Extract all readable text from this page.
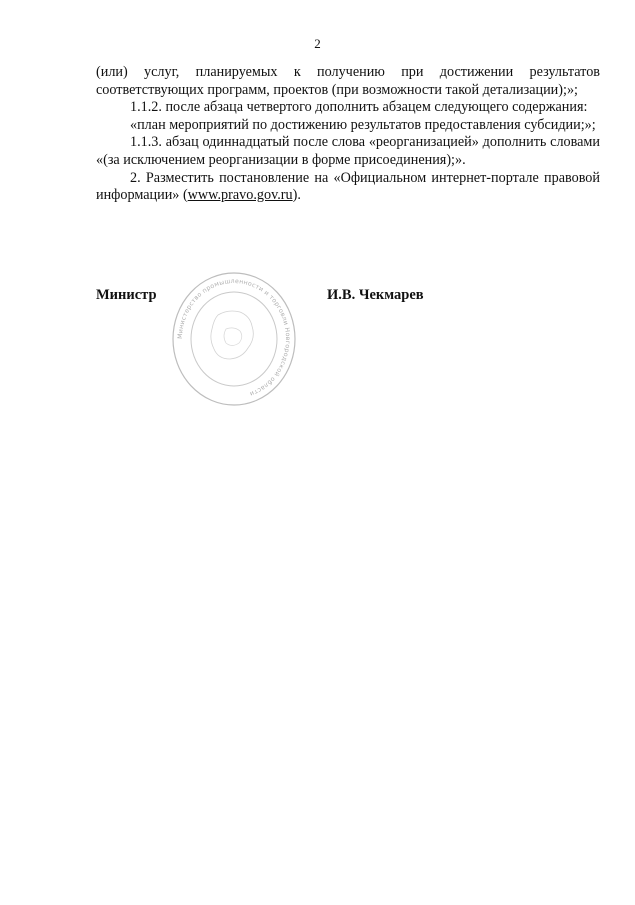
2

(или) услуг, планируемых к получению при достижении результатов соответствующих программ, проектов (при возможности такой детализации);»;

1.1.2. после абзаца четвертого дополнить абзацем следующего содержания:

«план мероприятий по достижению результатов предоставления субсидии;»;

1.1.3. абзац одиннадцатый после слова «реорганизацией» дополнить словами «(за исключением реорганизации в форме присоединения);».

2. Разместить постановление на «Официальном интернет-портале правовой информации» (www.pravo.gov.ru).

Министерство промышленности и торговли Новгородской области
Министр	И.В. Чекмарев
